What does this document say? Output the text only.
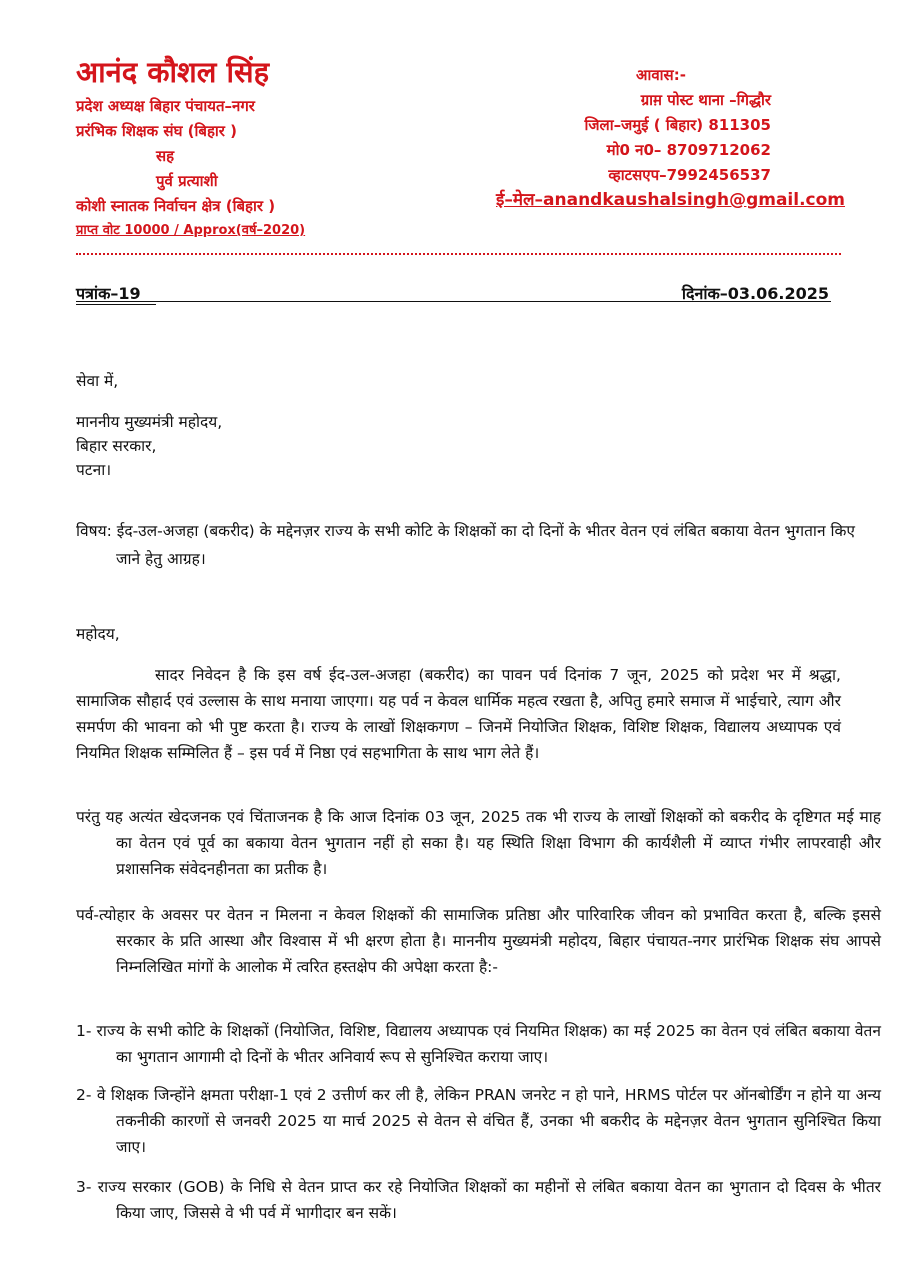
आनंद कौशल सिंह
प्रदेश अध्यक्ष बिहार पंचायत–नगर
प्ररंभिक शिक्षक संघ (बिहार )
सह
पुर्व प्रत्याशी
कोशी स्नातक निर्वाचन क्षेत्र (बिहार )
प्राप्त वोट 10000 / Approx(वर्ष–2020)
आवास:-
ग्राम़ पोस्ट थाना –गिद्धौर
जिला–जमुई ( बिहार) 811305
मो0 न0– 8709712062
व्हाटसएप–7992456537
ई–मेल–anandkaushalsingh@gmail.com
पत्रांक–19	दिनांक–03.06.2025
सेवा में,
माननीय मुख्यमंत्री महोदय,
बिहार सरकार,
पटना।
विषय: ईद-उल-अजहा (बकरीद) के मद्देनज़र राज्य के सभी कोटि के शिक्षकों का दो दिनों के भीतर वेतन एवं लंबित बकाया वेतन भुगतान किए जाने हेतु आग्रह।
महोदय,
सादर निवेदन है कि इस वर्ष ईद-उल-अजहा (बकरीद) का पावन पर्व दिनांक 7 जून, 2025 को प्रदेश भर में श्रद्धा, सामाजिक सौहार्द एवं उल्लास के साथ मनाया जाएगा। यह पर्व न केवल धार्मिक महत्व रखता है, अपितु हमारे समाज में भाईचारे, त्याग और समर्पण की भावना को भी पुष्ट करता है। राज्य के लाखों शिक्षकगण – जिनमें नियोजित शिक्षक, विशिष्ट शिक्षक, विद्यालय अध्यापक एवं नियमित शिक्षक सम्मिलित हैं – इस पर्व में निष्ठा एवं सहभागिता के साथ भाग लेते हैं।
परंतु यह अत्यंत खेदजनक एवं चिंताजनक है कि आज दिनांक 03 जून, 2025 तक भी राज्य के लाखों शिक्षकों को बकरीद के दृष्टिगत मई माह का वेतन एवं पूर्व का बकाया वेतन भुगतान नहीं हो सका है। यह स्थिति शिक्षा विभाग की कार्यशैली में व्याप्त गंभीर लापरवाही और प्रशासनिक संवेदनहीनता का प्रतीक है।
पर्व-त्योहार के अवसर पर वेतन न मिलना न केवल शिक्षकों की सामाजिक प्रतिष्ठा और पारिवारिक जीवन को प्रभावित करता है, बल्कि इससे सरकार के प्रति आस्था और विश्वास में भी क्षरण होता है। माननीय मुख्यमंत्री महोदय, बिहार पंचायत-नगर प्रारंभिक शिक्षक संघ आपसे निम्नलिखित मांगों के आलोक में त्वरित हस्तक्षेप की अपेक्षा करता है:-
1- राज्य के सभी कोटि के शिक्षकों (नियोजित, विशिष्ट, विद्यालय अध्यापक एवं नियमित शिक्षक) का मई 2025 का वेतन एवं लंबित बकाया वेतन का भुगतान आगामी दो दिनों के भीतर अनिवार्य रूप से सुनिश्चित कराया जाए।
2- वे शिक्षक जिन्होंने क्षमता परीक्षा-1 एवं 2 उत्तीर्ण कर ली है, लेकिन PRAN जनरेट न हो पाने, HRMS पोर्टल पर ऑनबोर्डिंग न होने या अन्य तकनीकी कारणों से जनवरी 2025 या मार्च 2025 से वेतन से वंचित हैं, उनका भी बकरीद के मद्देनज़र वेतन भुगतान सुनिश्चित किया जाए।
3- राज्य सरकार (GOB) के निधि से वेतन प्राप्त कर रहे नियोजित शिक्षकों का महीनों से लंबित बकाया वेतन का भुगतान दो दिवस के भीतर किया जाए, जिससे वे भी पर्व में भागीदार बन सकें।
